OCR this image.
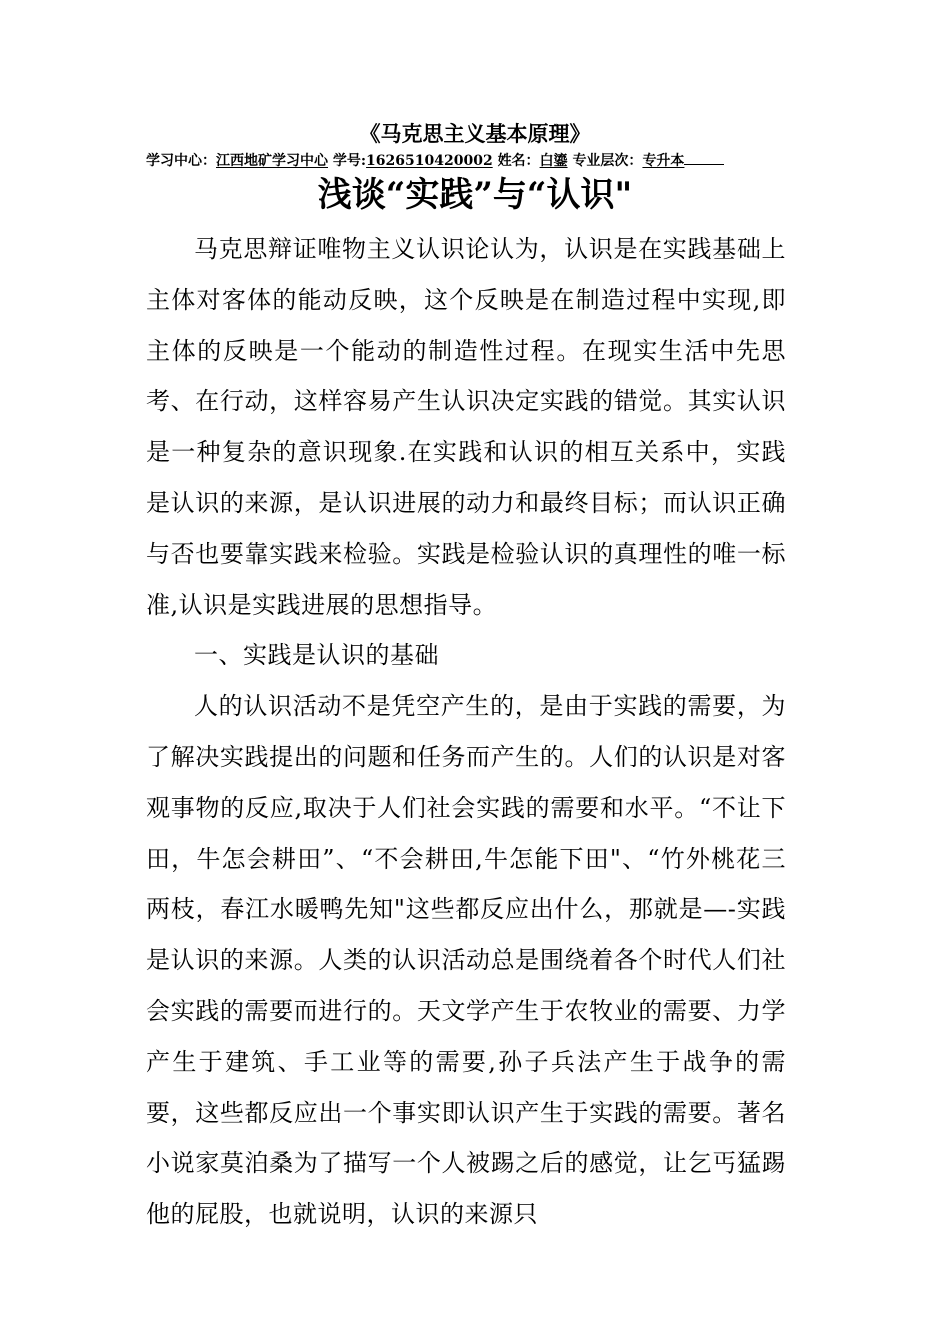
《马克思主义基本原理》
学习中心：江西地矿学习中心 学号:1626510420002 姓名：白鎏 专业层次：专升本
浅谈“实践”与“认识"

马克思辩证唯物主义认识论认为，认识是在实践基础上主体对客体的能动反映，这个反映是在制造过程中实现,即主体的反映是一个能动的制造性过程。在现实生活中先思考、在行动，这样容易产生认识决定实践的错觉。其实认识是一种复杂的意识现象.在实践和认识的相互关系中，实践是认识的来源，是认识进展的动力和最终目标；而认识正确与否也要靠实践来检验。实践是检验认识的真理性的唯一标准,认识是实践进展的思想指导。

一、实践是认识的基础

人的认识活动不是凭空产生的，是由于实践的需要，为了解决实践提出的问题和任务而产生的。人们的认识是对客观事物的反应,取决于人们社会实践的需要和水平。“不让下田，牛怎会耕田”、“不会耕田,牛怎能下田"、“竹外桃花三两枝，春江水暖鸭先知"这些都反应出什么，那就是—-实践是认识的来源。人类的认识活动总是围绕着各个时代人们社会实践的需要而进行的。天文学产生于农牧业的需要、力学产生于建筑、手工业等的需要,孙子兵法产生于战争的需要，这些都反应出一个事实即认识产生于实践的需要。著名小说家莫泊桑为了描写一个人被踢之后的感觉，让乞丐猛踢他的屁股，也就说明，认识的来源只
